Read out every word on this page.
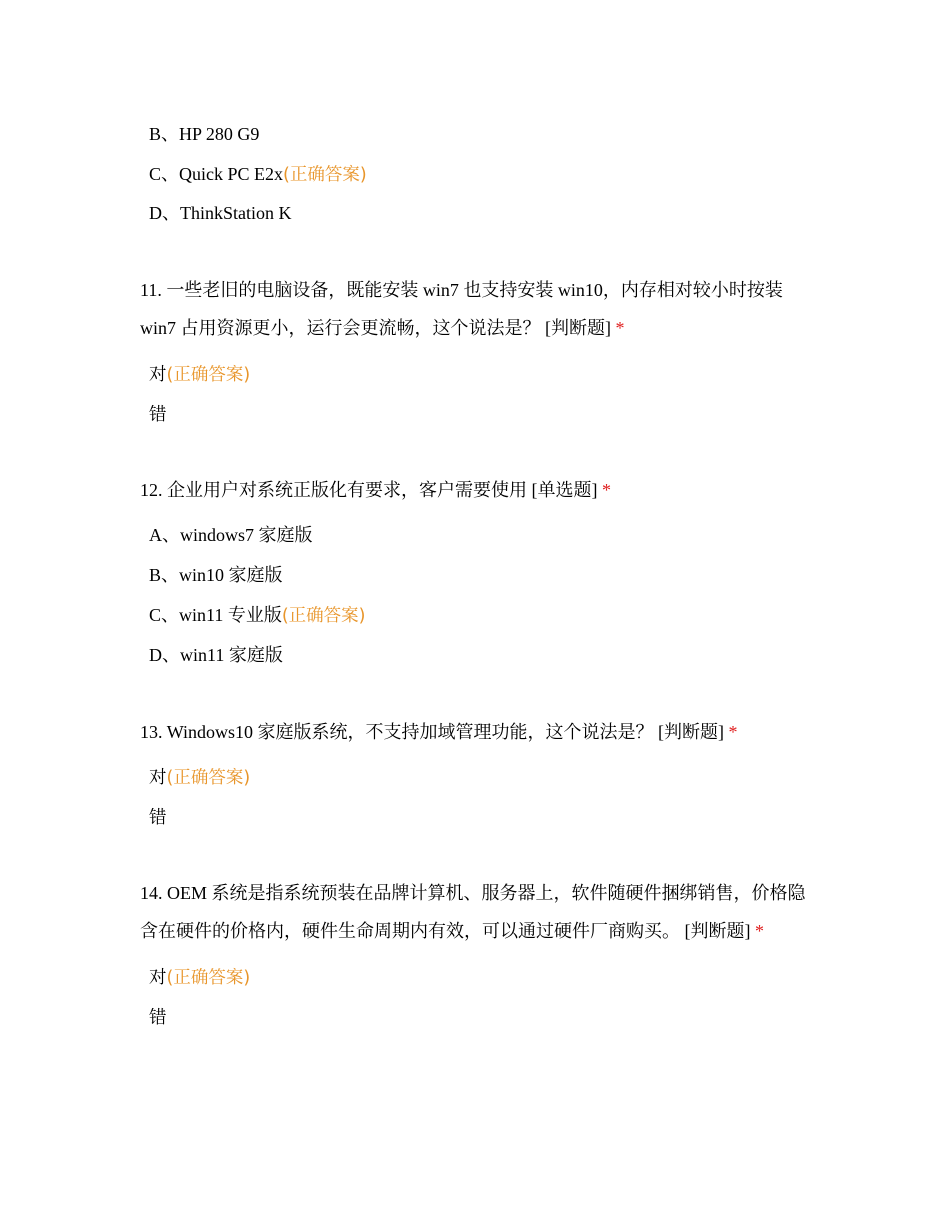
B、HP 280 G9
C、Quick PC E2x(正确答案)
D、ThinkStation K
11. 一些老旧的电脑设备，既能安装 win7 也支持安装 win10，内存相对较小时按装 win7 占用资源更小，运行会更流畅，这个说法是？ [判断题] *
对(正确答案)
错
12. 企业用户对系统正版化有要求，客户需要使用 [单选题] *
A、windows7 家庭版
B、win10 家庭版
C、win11 专业版(正确答案)
D、win11 家庭版
13. Windows10 家庭版系统，不支持加域管理功能，这个说法是？ [判断题] *
对(正确答案)
错
14. OEM 系统是指系统预装在品牌计算机、服务器上，软件随硬件捆绑销售，价格隐含在硬件的价格内，硬件生命周期内有效，可以通过硬件厂商购买。 [判断题] *
对(正确答案)
错
